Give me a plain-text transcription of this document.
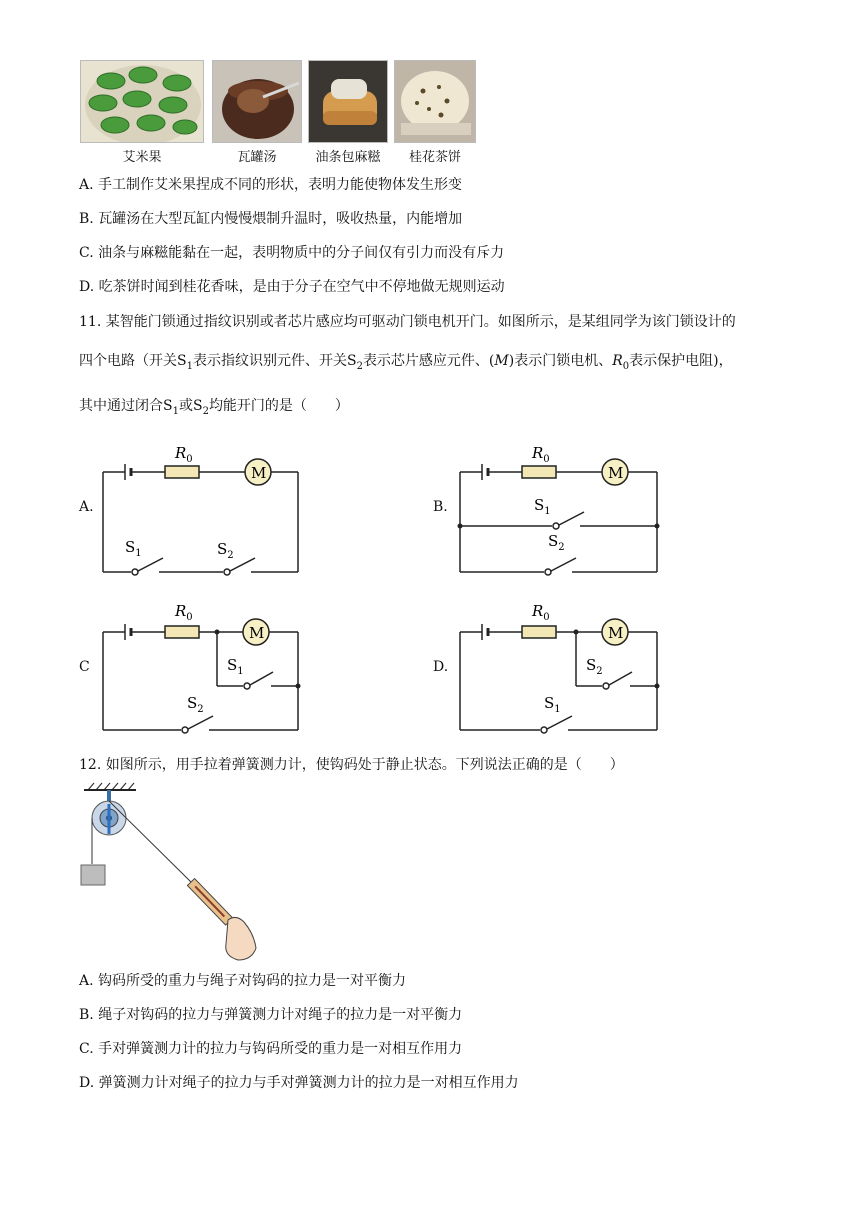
艾米果	瓦罐汤	油条包麻糍	桂花茶饼
A. 手工制作艾米果捏成不同的形状，表明力能使物体发生形变
B. 瓦罐汤在大型瓦缸内慢慢煨制升温时，吸收热量，内能增加
C. 油条与麻糍能黏在一起，表明物质中的分子间仅有引力而没有斥力
D. 吃茶饼时闻到桂花香味，是由于分子在空气中不停地做无规则运动
11. 某智能门锁通过指纹识别或者芯片感应均可驱动门锁电机开门。如图所示，是某组同学为该门锁设计的
四个电路（开关$S_1$表示指纹识别元件、开关$S_2$表示芯片感应元件、(M)表示门锁电机、$R_0$表示保护电阻)，
其中通过闭合$S_1$或$S_2$均能开门的是（　　）
A.	B.
C	D.
$R_0$
M
$S_1$	$S_2$
$R_0$
M
$S_1$
$S_2$
$R_0$
M
$S_1$
$S_2$
$R_0$
M
$S_2$
$S_1$
12. 如图所示，用手拉着弹簧测力计，使钩码处于静止状态。下列说法正确的是（　　）
A. 钩码所受的重力与绳子对钩码的拉力是一对平衡力
B. 绳子对钩码的拉力与弹簧测力计对绳子的拉力是一对平衡力
C. 手对弹簧测力计的拉力与钩码所受的重力是一对相互作用力
D. 弹簧测力计对绳子的拉力与手对弹簧测力计的拉力是一对相互作用力
